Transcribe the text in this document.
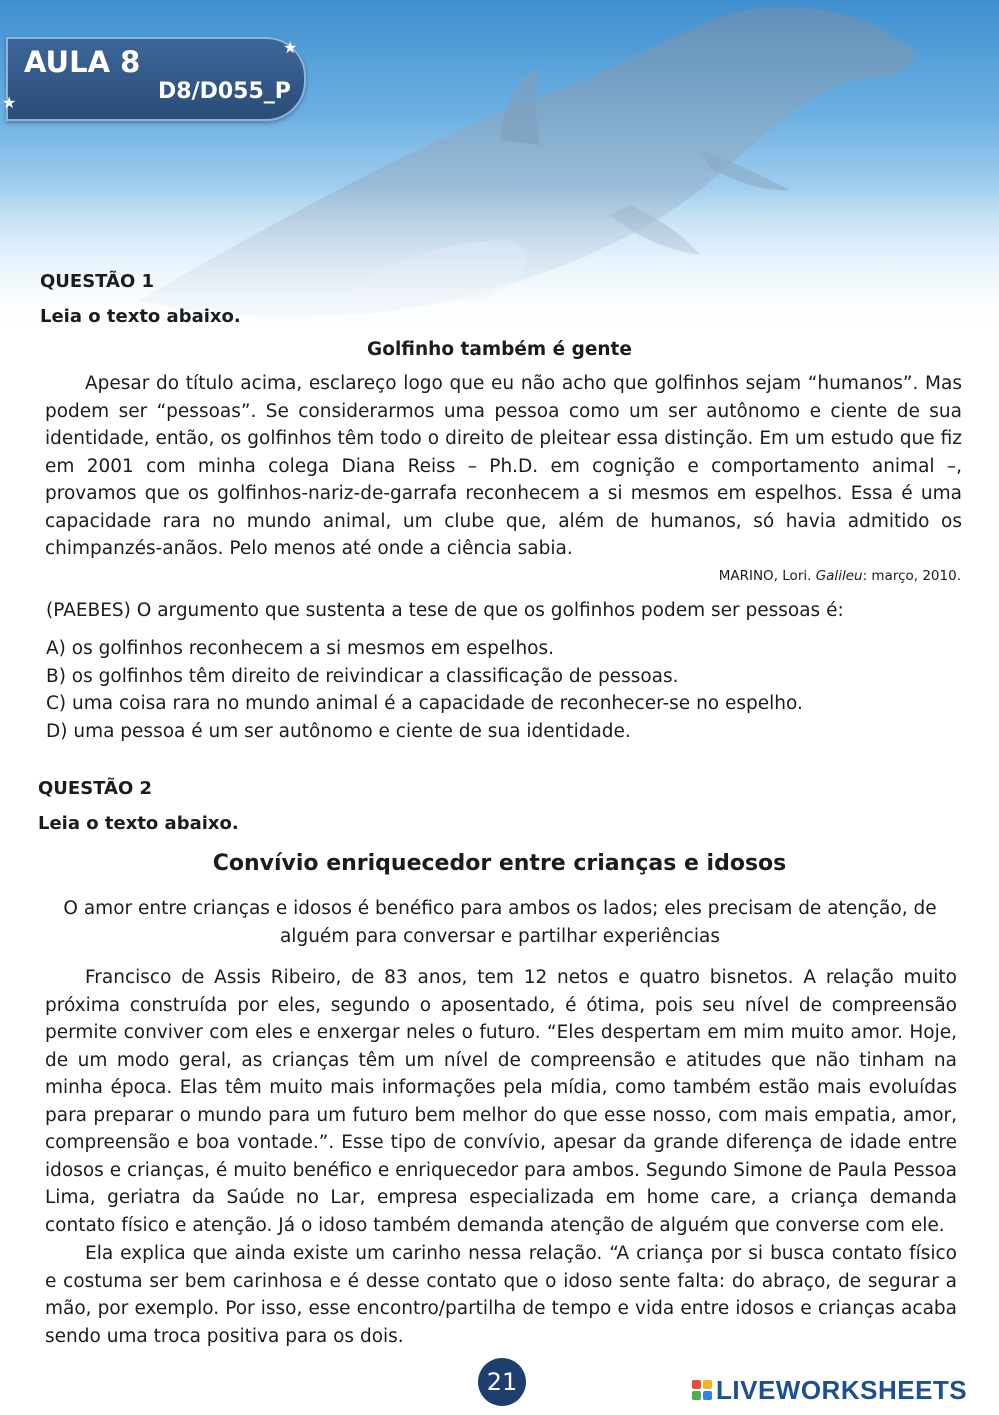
AULA 8
D8/D055_P
★
★
QUESTÃO 1
Leia o texto abaixo.
Golfinho também é gente

Apesar do título acima, esclareço logo que eu não acho que golfinhos sejam “humanos”. Mas podem ser “pessoas”. Se considerarmos uma pessoa como um ser autônomo e ciente de sua identidade, então, os golfinhos têm todo o direito de pleitear essa distinção. Em um estudo que fiz em 2001 com minha colega Diana Reiss – Ph.D. em cognição e comportamento animal –, provamos que os golfinhos-nariz-de-garrafa reconhecem a si mesmos em espelhos. Essa é uma capacidade rara no mundo animal, um clube que, além de humanos, só havia admitido os chimpanzés-anãos. Pelo menos até onde a ciência sabia.

MARINO, Lori. Galileu: março, 2010.
(PAEBES) O argumento que sustenta a tese de que os golfinhos podem ser pessoas é:
A) os golfinhos reconhecem a si mesmos em espelhos.
B) os golfinhos têm direito de reivindicar a classificação de pessoas.
C) uma coisa rara no mundo animal é a capacidade de reconhecer-se no espelho.
D) uma pessoa é um ser autônomo e ciente de sua identidade.
QUESTÃO 2
Leia o texto abaixo.
Convívio enriquecedor entre crianças e idosos

O amor entre crianças e idosos é benéfico para ambos os lados; eles precisam de atenção, de alguém para conversar e partilhar experiências

Francisco de Assis Ribeiro, de 83 anos, tem 12 netos e quatro bisnetos. A relação muito próxima construída por eles, segundo o aposentado, é ótima, pois seu nível de compreensão permite conviver com eles e enxergar neles o futuro. “Eles despertam em mim muito amor. Hoje, de um modo geral, as crianças têm um nível de compreensão e atitudes que não tinham na minha época. Elas têm muito mais informações pela mídia, como também estão mais evoluídas para preparar o mundo para um futuro bem melhor do que esse nosso, com mais empatia, amor, compreensão e boa vontade.”. Esse tipo de convívio, apesar da grande diferença de idade entre idosos e crianças, é muito benéfico e enriquecedor para ambos. Segundo Simone de Paula Pessoa Lima, geriatra da Saúde no Lar, empresa especializada em home care, a criança demanda contato físico e atenção. Já o idoso também demanda atenção de alguém que converse com ele.

Ela explica que ainda existe um carinho nessa relação. “A criança por si busca contato físico e costuma ser bem carinhosa e é desse contato que o idoso sente falta: do abraço, de segurar a mão, por exemplo. Por isso, esse encontro/partilha de tempo e vida entre idosos e crianças acaba sendo uma troca positiva para os dois.

21	LIVEWORKSHEETS
